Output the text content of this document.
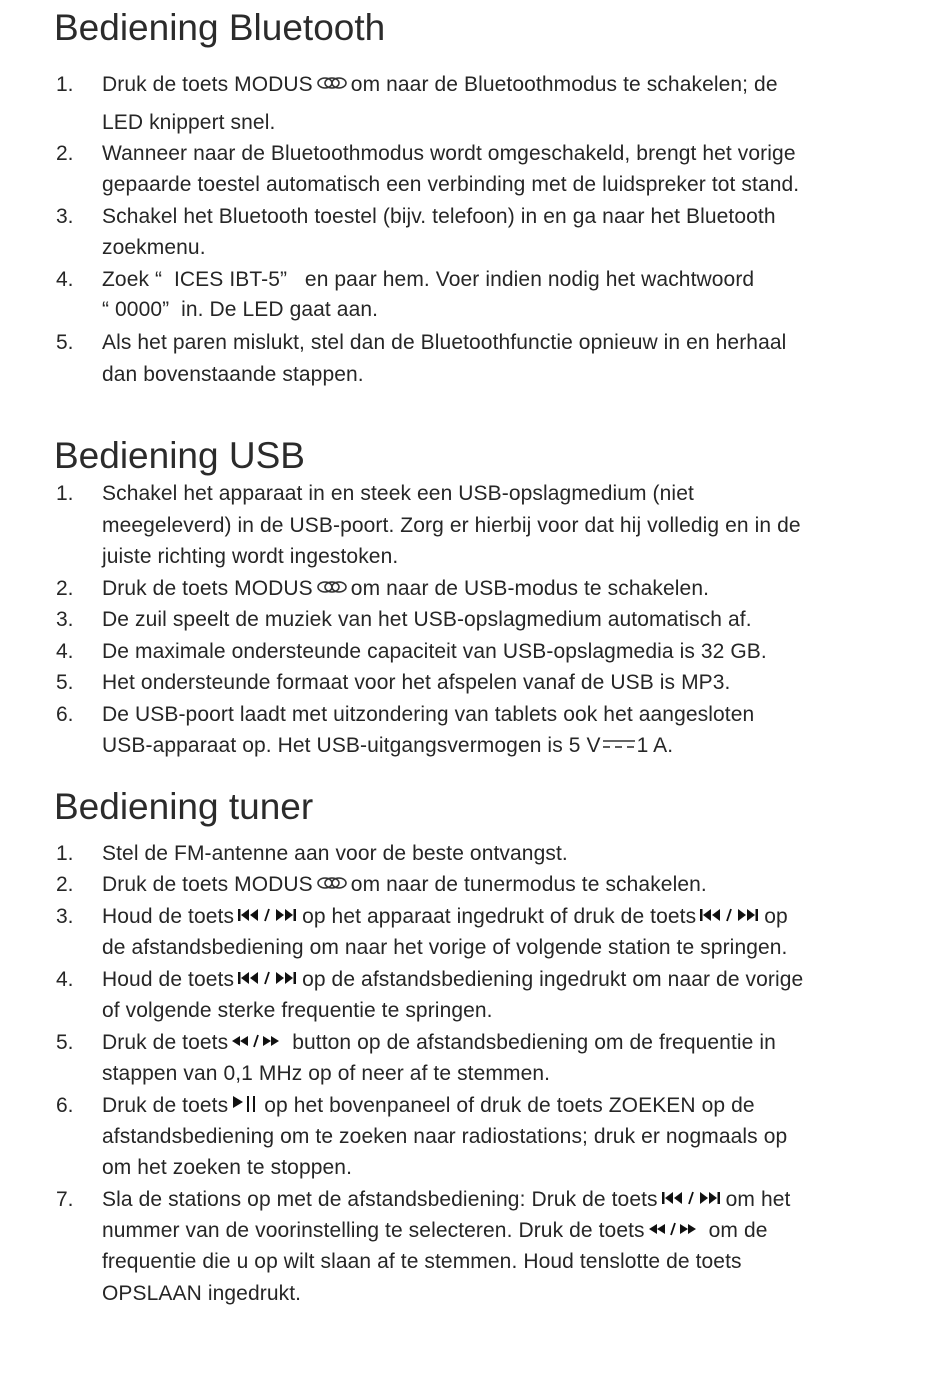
Bediening Bluetooth
1. Druk de toets MODUS om naar de Bluetoothmodus te schakelen; de
LED knippert snel.
2. Wanneer naar de Bluetoothmodus wordt omgeschakeld, brengt het vorige
gepaarde toestel automatisch een verbinding met de luidspreker tot stand.
3. Schakel het Bluetooth toestel (bijv. telefoon) in en ga naar het Bluetooth
zoekmenu.
4. Zoek “  ICES IBT-5”   en paar hem. Voer indien nodig het wachtwoord
“ 0000”  in. De LED gaat aan.
5. Als het paren mislukt, stel dan de Bluetoothfunctie opnieuw in en herhaal
dan bovenstaande stappen.
Bediening USB
1. Schakel het apparaat in en steek een USB-opslagmedium (niet
meegeleverd) in de USB-poort. Zorg er hierbij voor dat hij volledig en in de
juiste richting wordt ingestoken.
2. Druk de toets MODUS om naar de USB-modus te schakelen.
3. De zuil speelt de muziek van het USB-opslagmedium automatisch af.
4. De maximale ondersteunde capaciteit van USB-opslagmedia is 32 GB.
5. Het ondersteunde formaat voor het afspelen vanaf de USB is MP3.
6. De USB-poort laadt met uitzondering van tablets ook het aangesloten
USB-apparaat op. Het USB-uitgangsvermogen is 5 V 1 A.
Bediening tuner
1. Stel de FM-antenne aan voor de beste ontvangst.
2. Druk de toets MODUS om naar de tunermodus te schakelen.
3. Houd de toets	op het apparaat ingedrukt of druk de toets	op
de afstandsbediening om naar het vorige of volgende station te springen.
4. Houd de toets	op de afstandsbediening ingedrukt om naar de vorige
of volgende sterke frequentie te springen.
5. Druk de toets	button op de afstandsbediening om de frequentie in
stappen van 0,1 MHz op of neer af te stemmen.
6. Druk de toets op het bovenpaneel of druk de toets ZOEKEN op de
afstandsbediening om te zoeken naar radiostations; druk er nogmaals op
om het zoeken te stoppen.
7. Sla de stations op met de afstandsbediening: Druk de toets	om het
nummer van de voorinstelling te selecteren. Druk de toets	om de
frequentie die u op wilt slaan af te stemmen. Houd tenslotte de toets
OPSLAAN ingedrukt.
